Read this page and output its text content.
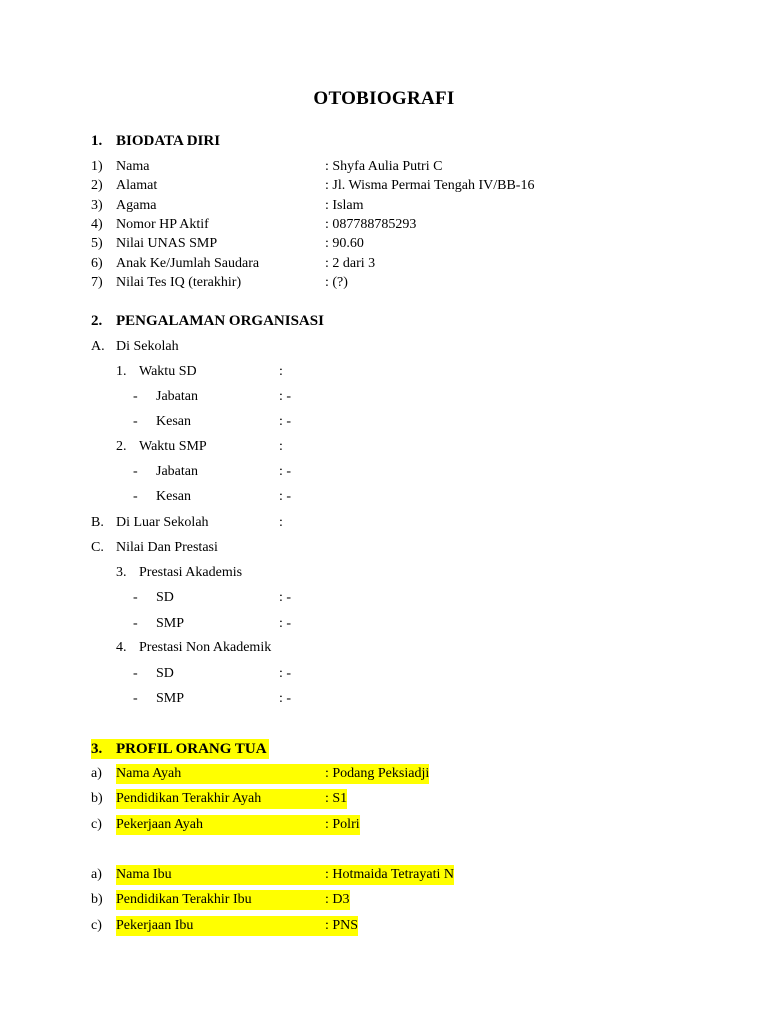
OTOBIOGRAFI
1. BIODATA DIRI
1) Nama	: Shyfa Aulia Putri C
2) Alamat	: Jl. Wisma Permai Tengah IV/BB-16
3) Agama	: Islam
4) Nomor HP Aktif	: 087788785293
5) Nilai UNAS SMP	: 90.60
6) Anak Ke/Jumlah Saudara	: 2 dari 3
7) Nilai Tes IQ (terakhir)	: (?)
2. PENGALAMAN ORGANISASI
A. Di Sekolah
1. Waktu SD	:
- Jabatan	: -
- Kesan	: -
2. Waktu SMP	:
- Jabatan	: -
- Kesan	: -
B. Di Luar Sekolah	:
C. Nilai Dan Prestasi
3. Prestasi Akademis
- SD	: -
- SMP	: -
4. Prestasi Non Akademik
- SD	: -
- SMP	: -
3. PROFIL ORANG TUA
a) Nama Ayah	: Podang Peksiadji
b) Pendidikan Terakhir Ayah	: S1
c) Pekerjaan Ayah	: Polri
a) Nama Ibu	: Hotmaida Tetrayati N
b) Pendidikan Terakhir Ibu	: D3
c) Pekerjaan Ibu	: PNS
